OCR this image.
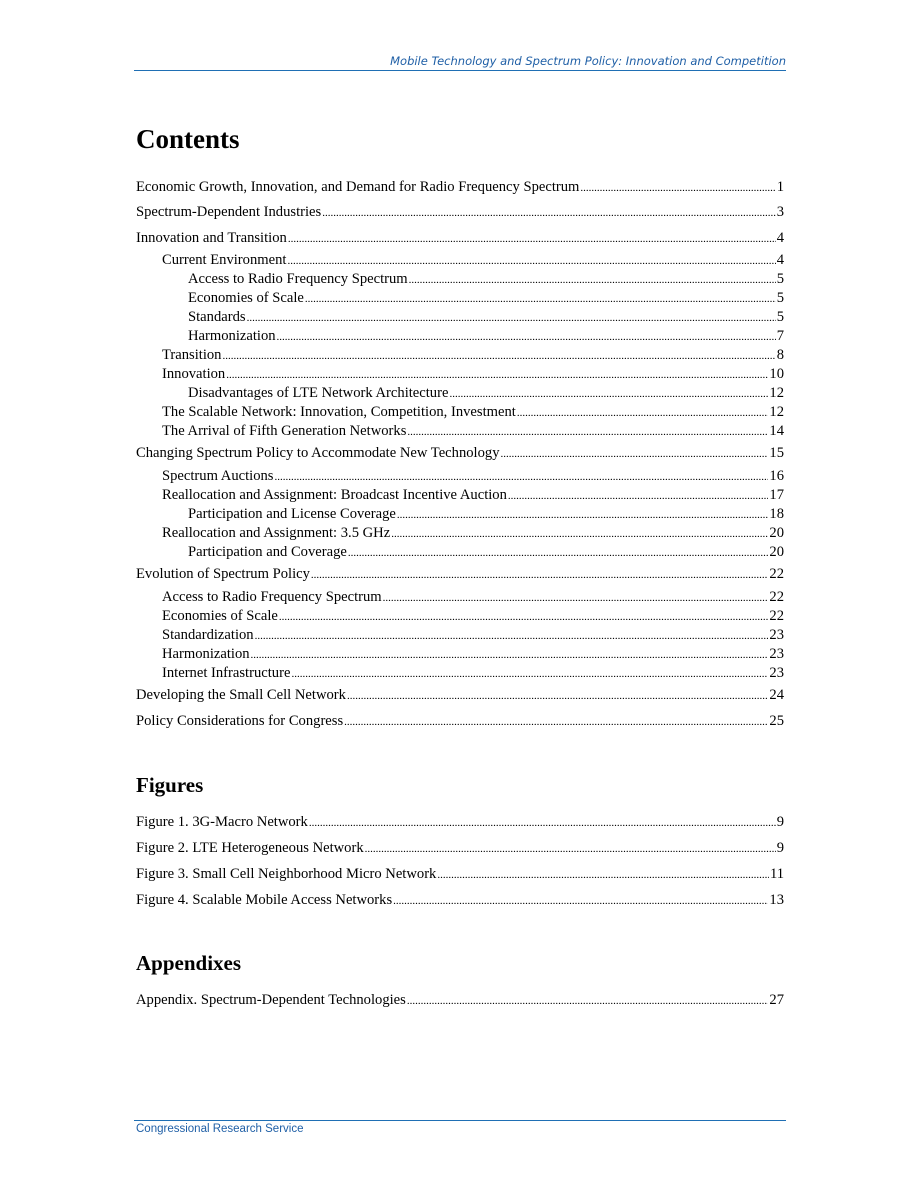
Mobile Technology and Spectrum Policy: Innovation and Competition
Contents
Economic Growth, Innovation, and Demand for Radio Frequency Spectrum .....	1
Spectrum-Dependent Industries .....	3
Innovation and Transition .....	4
Current Environment .....	4
Access to Radio Frequency Spectrum .....	5
Economies of Scale .....	5
Standards .....	5
Harmonization .....	7
Transition .....	8
Innovation .....	10
Disadvantages of LTE Network Architecture .....	12
The Scalable Network: Innovation, Competition, Investment .....	12
The Arrival of Fifth Generation Networks .....	14
Changing Spectrum Policy to Accommodate New Technology .....	15
Spectrum Auctions .....	16
Reallocation and Assignment: Broadcast Incentive Auction .....	17
Participation and License Coverage .....	18
Reallocation and Assignment: 3.5 GHz .....	20
Participation and Coverage .....	20
Evolution of Spectrum Policy .....	22
Access to Radio Frequency Spectrum .....	22
Economies of Scale .....	22
Standardization .....	23
Harmonization .....	23
Internet Infrastructure .....	23
Developing the Small Cell Network .....	24
Policy Considerations for Congress .....	25
Figures
Figure 1. 3G-Macro Network .....	9
Figure 2. LTE Heterogeneous Network .....	9
Figure 3. Small Cell Neighborhood Micro Network .....	11
Figure 4. Scalable Mobile Access Networks .....	13
Appendixes
Appendix. Spectrum-Dependent Technologies .....	27
Congressional Research Service
